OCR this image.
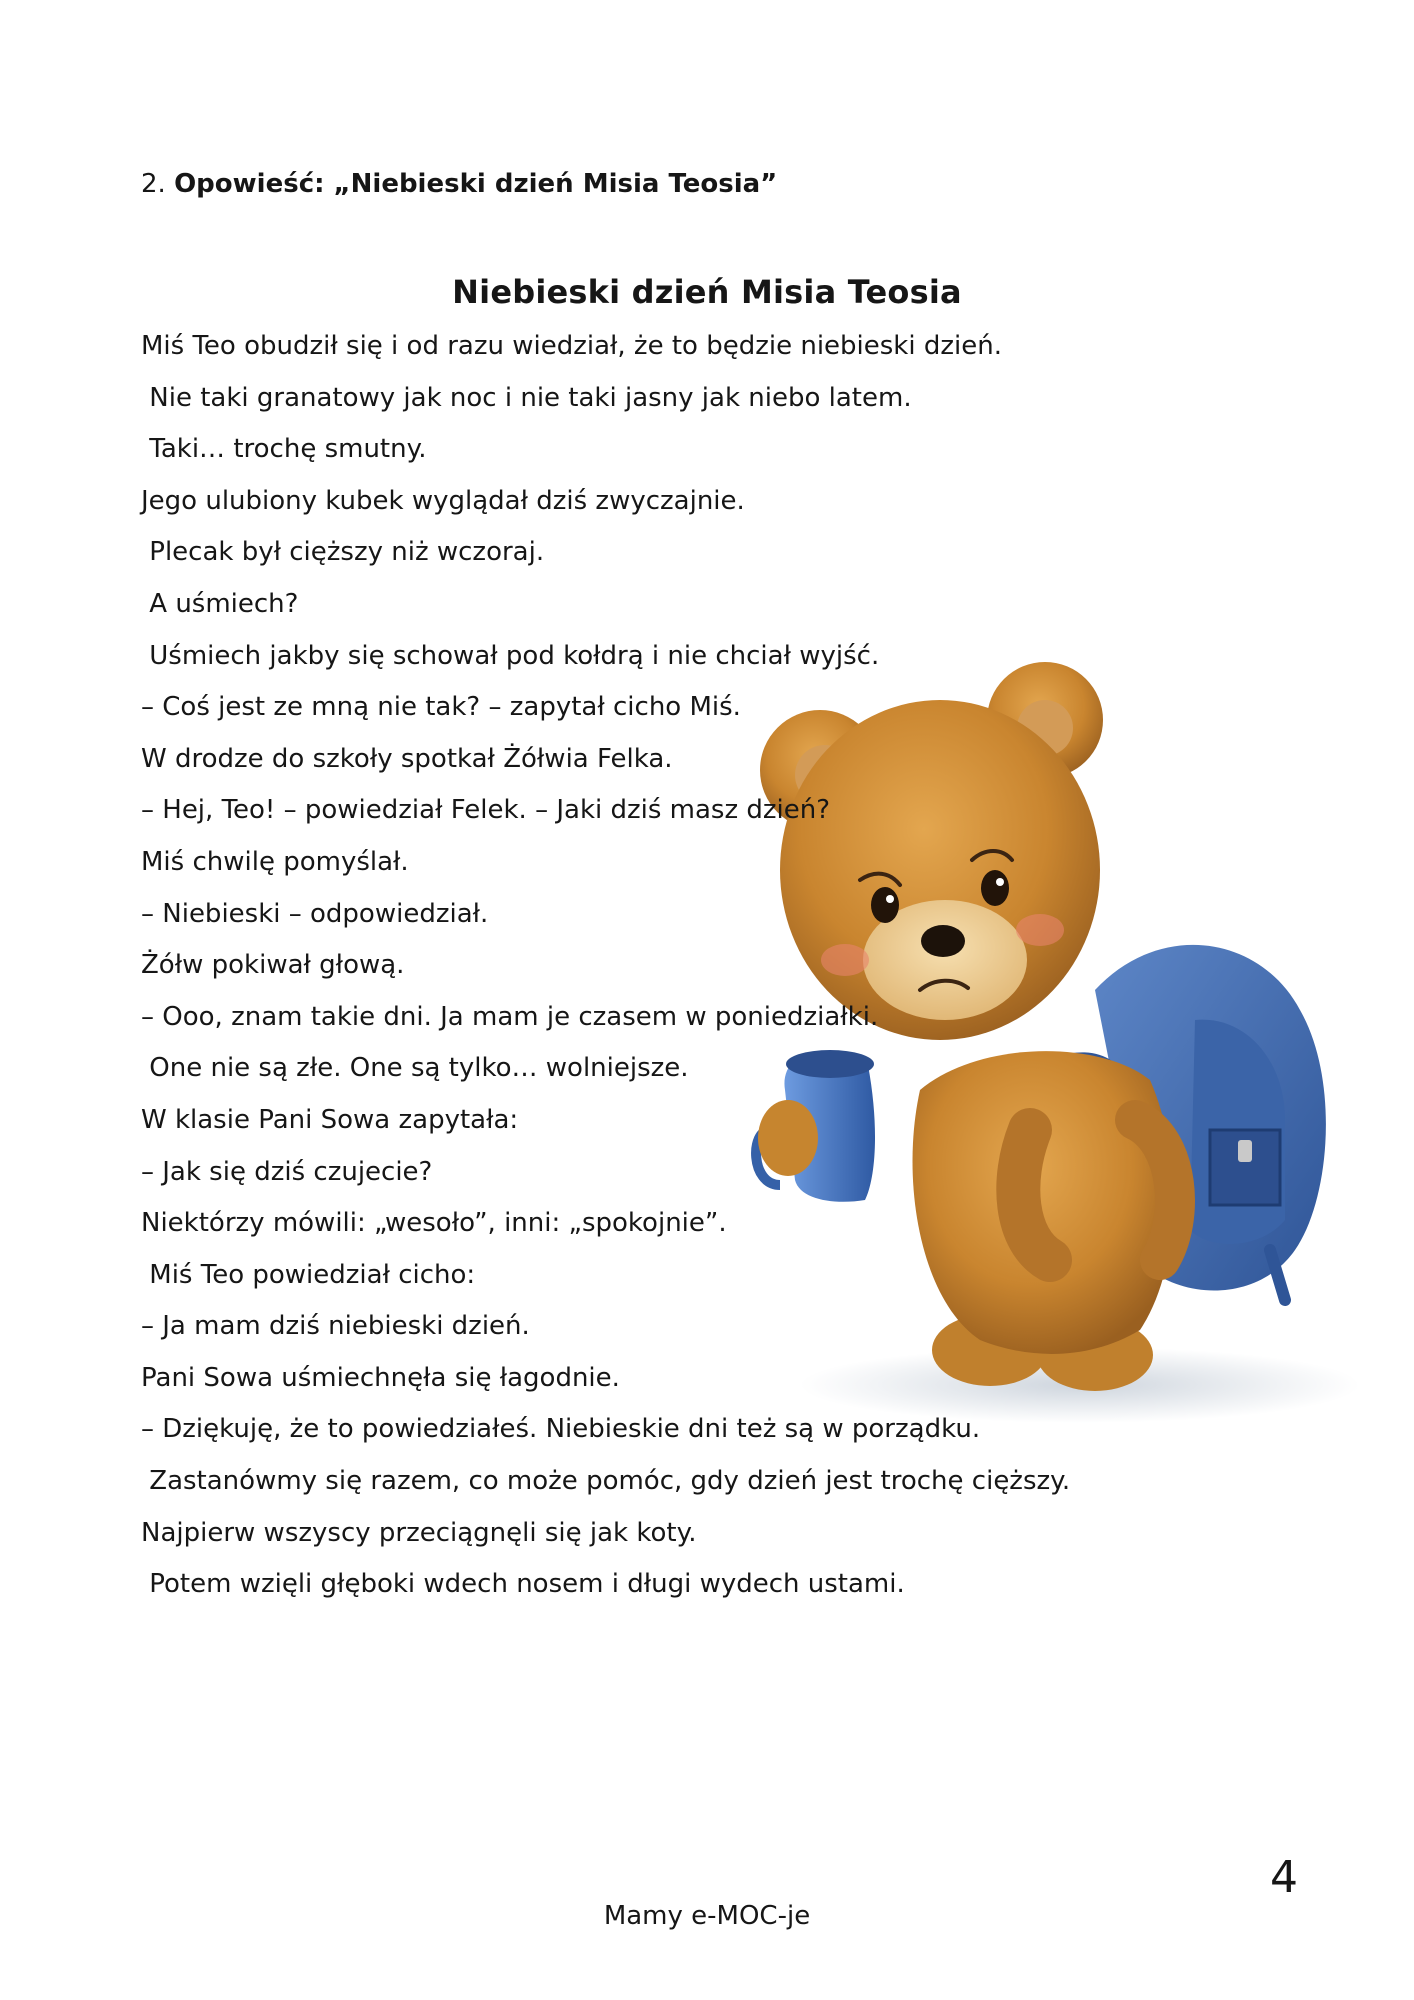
2. Opowieść: „Niebieski dzień Misia Teosia”
Niebieski dzień Misia Teosia
Miś Teo obudził się i od razu wiedział, że to będzie niebieski dzień.
Nie taki granatowy jak noc i nie taki jasny jak niebo latem.
Taki… trochę smutny.
Jego ulubiony kubek wyglądał dziś zwyczajnie.
Plecak był cięższy niż wczoraj.
A uśmiech?
Uśmiech jakby się schował pod kołdrą i nie chciał wyjść.
– Coś jest ze mną nie tak? – zapytał cicho Miś.
W drodze do szkoły spotkał Żółwia Felka.
– Hej, Teo! – powiedział Felek. – Jaki dziś masz dzień?
Miś chwilę pomyślał.
– Niebieski – odpowiedział.
Żółw pokiwał głową.
– Ooo, znam takie dni. Ja mam je czasem w poniedziałki.
One nie są złe. One są tylko… wolniejsze.
W klasie Pani Sowa zapytała:
– Jak się dziś czujecie?
Niektórzy mówili: „wesoło”, inni: „spokojnie”.
Miś Teo powiedział cicho:
– Ja mam dziś niebieski dzień.
Pani Sowa uśmiechnęła się łagodnie.
– Dziękuję, że to powiedziałeś. Niebieskie dni też są w porządku.
Zastanówmy się razem, co może pomóc, gdy dzień jest trochę cięższy.
Najpierw wszyscy przeciągnęli się jak koty.
Potem wzięli głęboki wdech nosem i długi wydech ustami.
4
Mamy e-MOC-je
